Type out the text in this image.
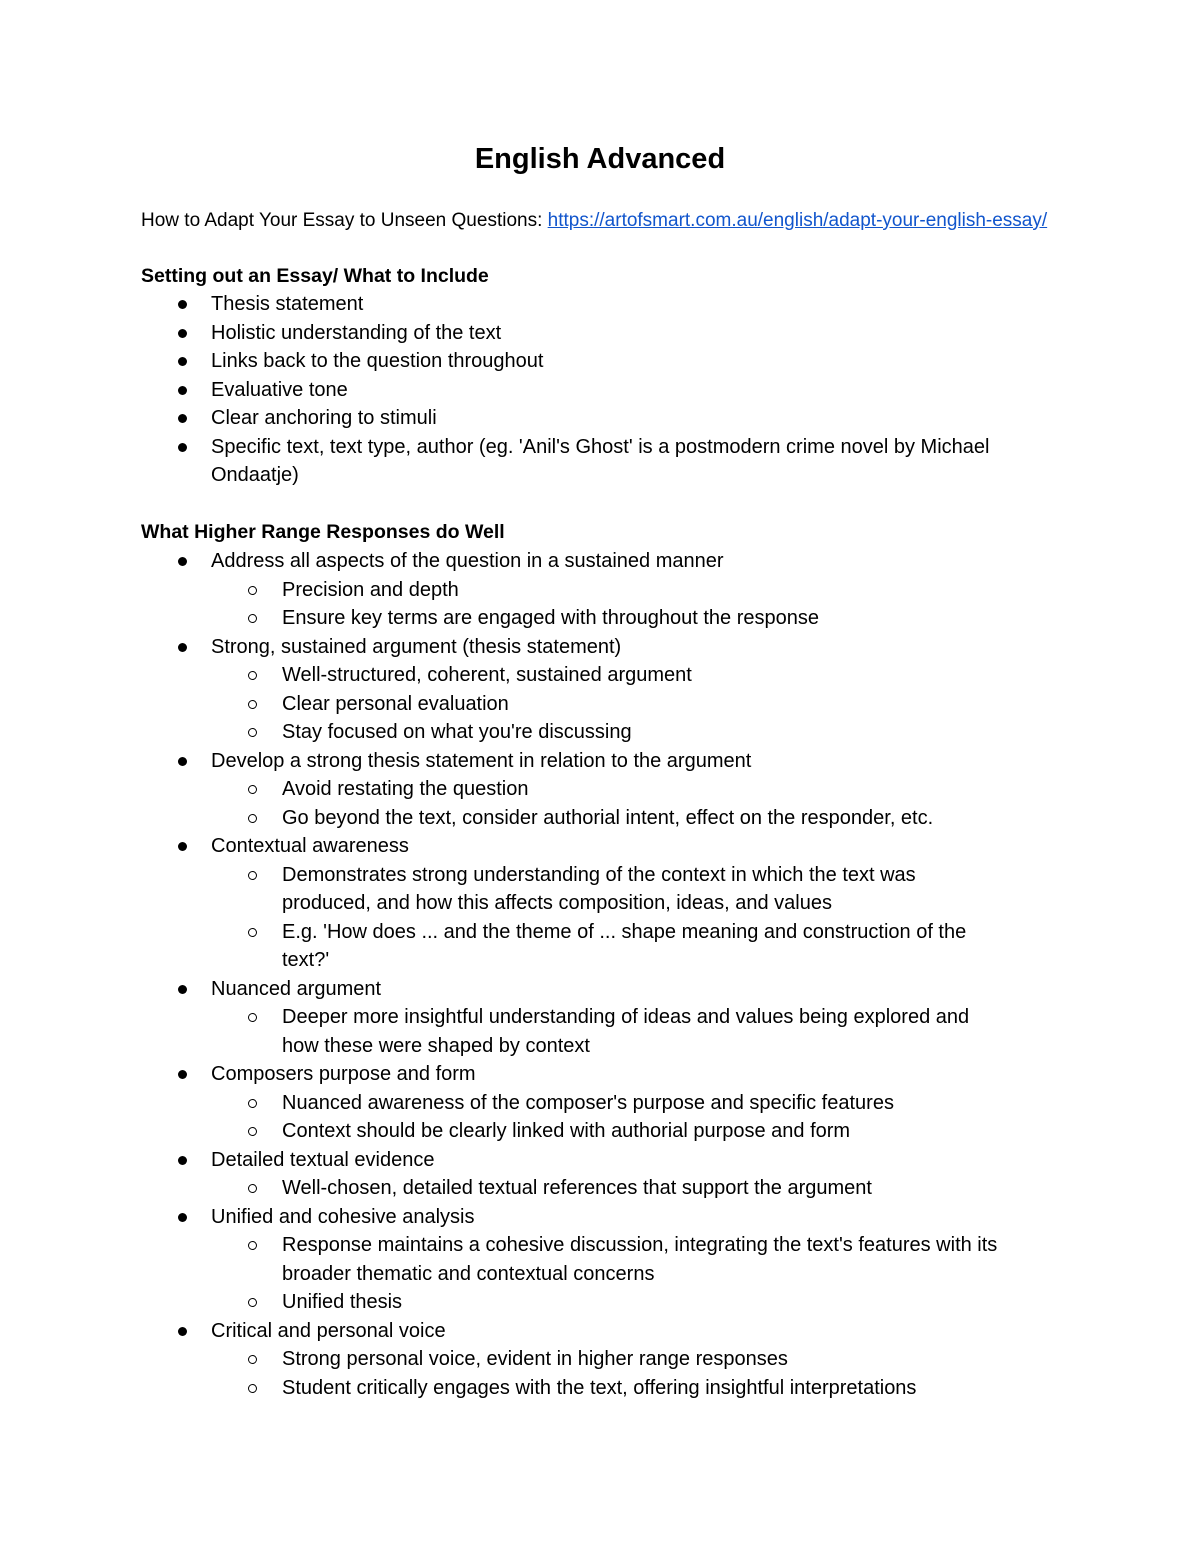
English Advanced

How to Adapt Your Essay to Unseen Questions: https://artofsmart.com.au/english/adapt-your-english-essay/

Setting out an Essay/ What to Include
Thesis statement
Holistic understanding of the text
Links back to the question throughout
Evaluative tone
Clear anchoring to stimuli
Specific text, text type, author (eg. 'Anil's Ghost' is a postmodern crime novel by Michael
Ondaatje)
What Higher Range Responses do Well
Address all aspects of the question in a sustained manner
Precision and depth
Ensure key terms are engaged with throughout the response
Strong, sustained argument (thesis statement)
Well-structured, coherent, sustained argument
Clear personal evaluation
Stay focused on what you're discussing
Develop a strong thesis statement in relation to the argument
Avoid restating the question
Go beyond the text, consider authorial intent, effect on the responder, etc.
Contextual awareness
Demonstrates strong understanding of the context in which the text was
produced, and how this affects composition, ideas, and values
E.g. 'How does ... and the theme of ... shape meaning and construction of the
text?'
Nuanced argument
Deeper more insightful understanding of ideas and values being explored and
how these were shaped by context
Composers purpose and form
Nuanced awareness of the composer's purpose and specific features
Context should be clearly linked with authorial purpose and form
Detailed textual evidence
Well-chosen, detailed textual references that support the argument
Unified and cohesive analysis
Response maintains a cohesive discussion, integrating the text's features with its
broader thematic and contextual concerns
Unified thesis
Critical and personal voice
Strong personal voice, evident in higher range responses
Student critically engages with the text, offering insightful interpretations
